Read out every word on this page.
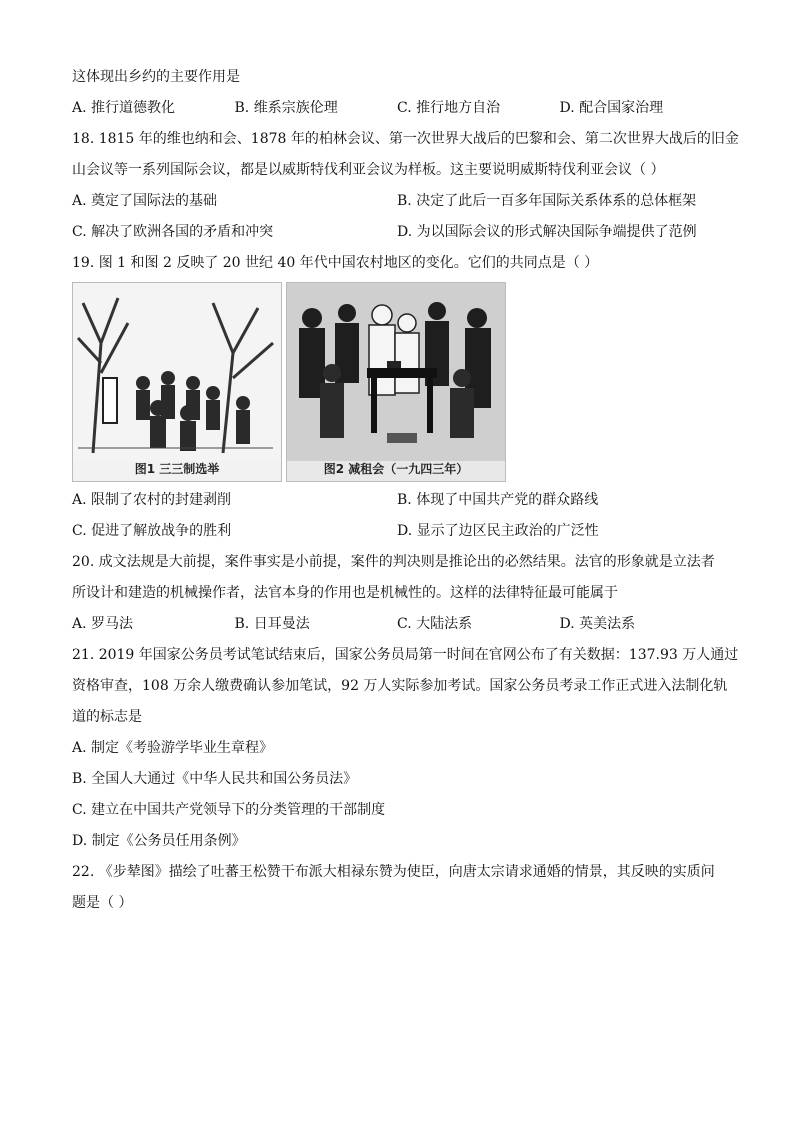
这体现出乡约的主要作用是
A. 推行道德教化	B. 维系宗族伦理	C. 推行地方自治	D. 配合国家治理
18. 1815 年的维也纳和会、1878 年的柏林会议、第一次世界大战后的巴黎和会、第二次世界大战后的旧金
山会议等一系列国际会议，都是以威斯特伐利亚会议为样板。这主要说明威斯特伐利亚会议（ ）
A. 奠定了国际法的基础	B. 决定了此后一百多年国际关系体系的总体框架
C. 解决了欧洲各国的矛盾和冲突	D. 为以国际会议的形式解决国际争端提供了范例
19. 图 1 和图 2 反映了 20 世纪 40 年代中国农村地区的变化。它们的共同点是（ ）
图1 三三制选举	图2 减租会（一九四三年）
A. 限制了农村的封建剥削	B. 体现了中国共产党的群众路线
C. 促进了解放战争的胜利	D. 显示了边区民主政治的广泛性
20. 成文法规是大前提，案件事实是小前提，案件的判决则是推论出的必然结果。法官的形象就是立法者
所设计和建造的机械操作者，法官本身的作用也是机械性的。这样的法律特征最可能属于
A. 罗马法	B. 日耳曼法	C. 大陆法系	D. 英美法系
21. 2019 年国家公务员考试笔试结束后，国家公务员局第一时间在官网公布了有关数据：137.93 万人通过
资格审查，108 万余人缴费确认参加笔试，92 万人实际参加考试。国家公务员考录工作正式进入法制化轨
道的标志是
A. 制定《考验游学毕业生章程》
B. 全国人大通过《中华人民共和国公务员法》
C. 建立在中国共产党领导下的分类管理的干部制度
D. 制定《公务员任用条例》
22. 《步辇图》描绘了吐蕃王松赞干布派大相禄东赞为使臣，向唐太宗请求通婚的情景，其反映的实质问
题是（ ）
